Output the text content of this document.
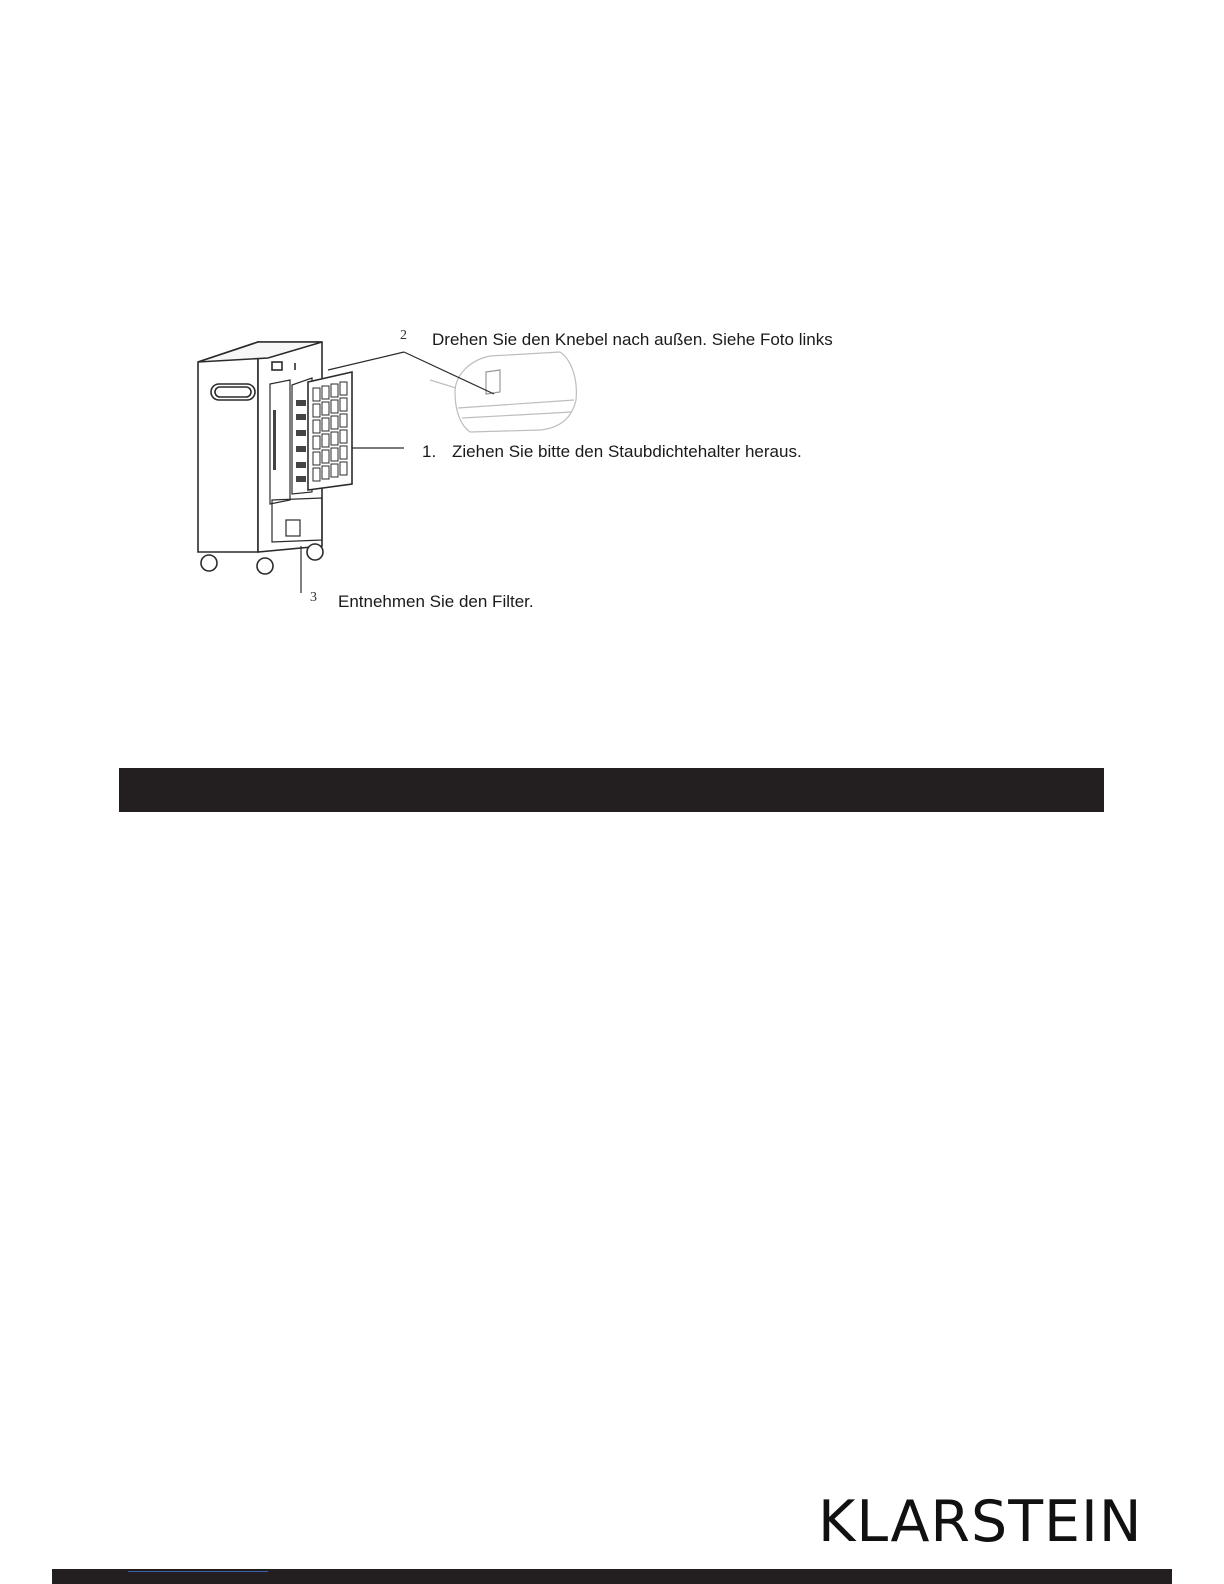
2 Drehen Sie den Knebel nach außen. Siehe Foto links
1. Ziehen Sie bitte den Staubdichtehalter heraus.
3 Entnehmen Sie den Filter.
KLARSTEIN
